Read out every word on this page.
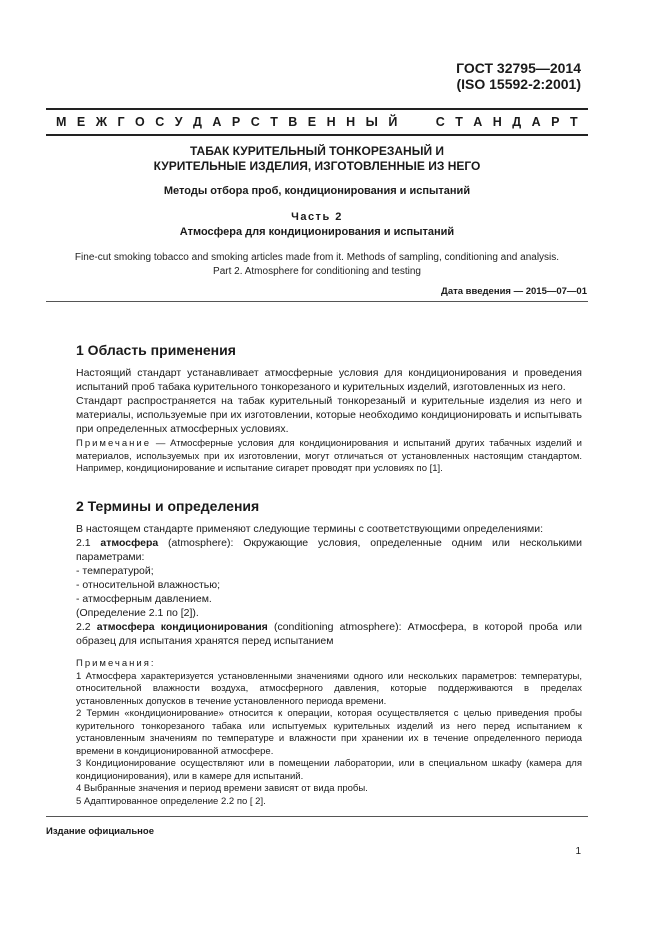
ГОСТ 32795—2014
(ISO 15592-2:2001)
М Е Ж Г О С У Д А Р С Т В Е Н Н Ы Й

	С Т А Н Д А Р Т
ТАБАК КУРИТЕЛЬНЫЙ ТОНКОРЕЗАНЫЙ И
КУРИТЕЛЬНЫЕ ИЗДЕЛИЯ, ИЗГОТОВЛЕННЫЕ ИЗ НЕГО
Методы отбора проб, кондиционирования и испытаний
Часть 2
Атмосфера для кондиционирования и испытаний
Fine-cut smoking tobacco and smoking articles made from it. Methods of sampling, conditioning and analysis.
Part 2. Atmosphere for conditioning and testing
Дата введения — 2015—07—01
1 Область применения
Настоящий стандарт устанавливает атмосферные условия для кондиционирования и проведения испытаний проб табака курительного тонкорезаного и курительных изделий, изготовленных из него.
Стандарт распространяется на табак курительный тонкорезаный и курительные изделия из него и материалы, используемые при их изготовлении, которые необходимо кондиционировать и испытывать при определенных атмосферных условиях.
Примечание — Атмосферные условия для кондиционирования и испытаний других табачных изделий и материалов, используемых при их изготовлении, могут отличаться от установленных настоящим стандартом. Например, кондиционирование и испытание сигарет проводят при условиях по [1].
2 Термины и определения
В настоящем стандарте применяют следующие термины с соответствующими определениями:
2.1 атмосфера (atmosphere): Окружающие условия, определенные одним или несколькими параметрами:
- температурой;
- относительной влажностью;
- атмосферным давлением.
(Определение 2.1 по [2]).
2.2 атмосфера кондиционирования (conditioning atmosphere): Атмосфера, в которой проба или образец для испытания хранятся перед испытанием
Примечания:
1 Атмосфера характеризуется установленными значениями одного или нескольких параметров: температуры, относительной влажности воздуха, атмосферного давления, которые поддерживаются в пределах установленных допусков в течение установленного периода времени.
2 Термин «кондиционирование» относится к операции, которая осуществляется с целью приведения пробы курительного тонкорезаного табака или испытуемых курительных изделий из него перед испытанием к установленным значениям по температуре и влажности при хранении их в течение определенного периода времени в кондиционированной атмосфере.
3 Кондиционирование осуществляют или в помещении лаборатории, или в специальном шкафу (камера для кондиционирования), или в камере для испытаний.
4 Выбранные значения и период времени зависят от вида пробы.
5 Адаптированное определение 2.2 по [ 2].
Издание официальное
1
